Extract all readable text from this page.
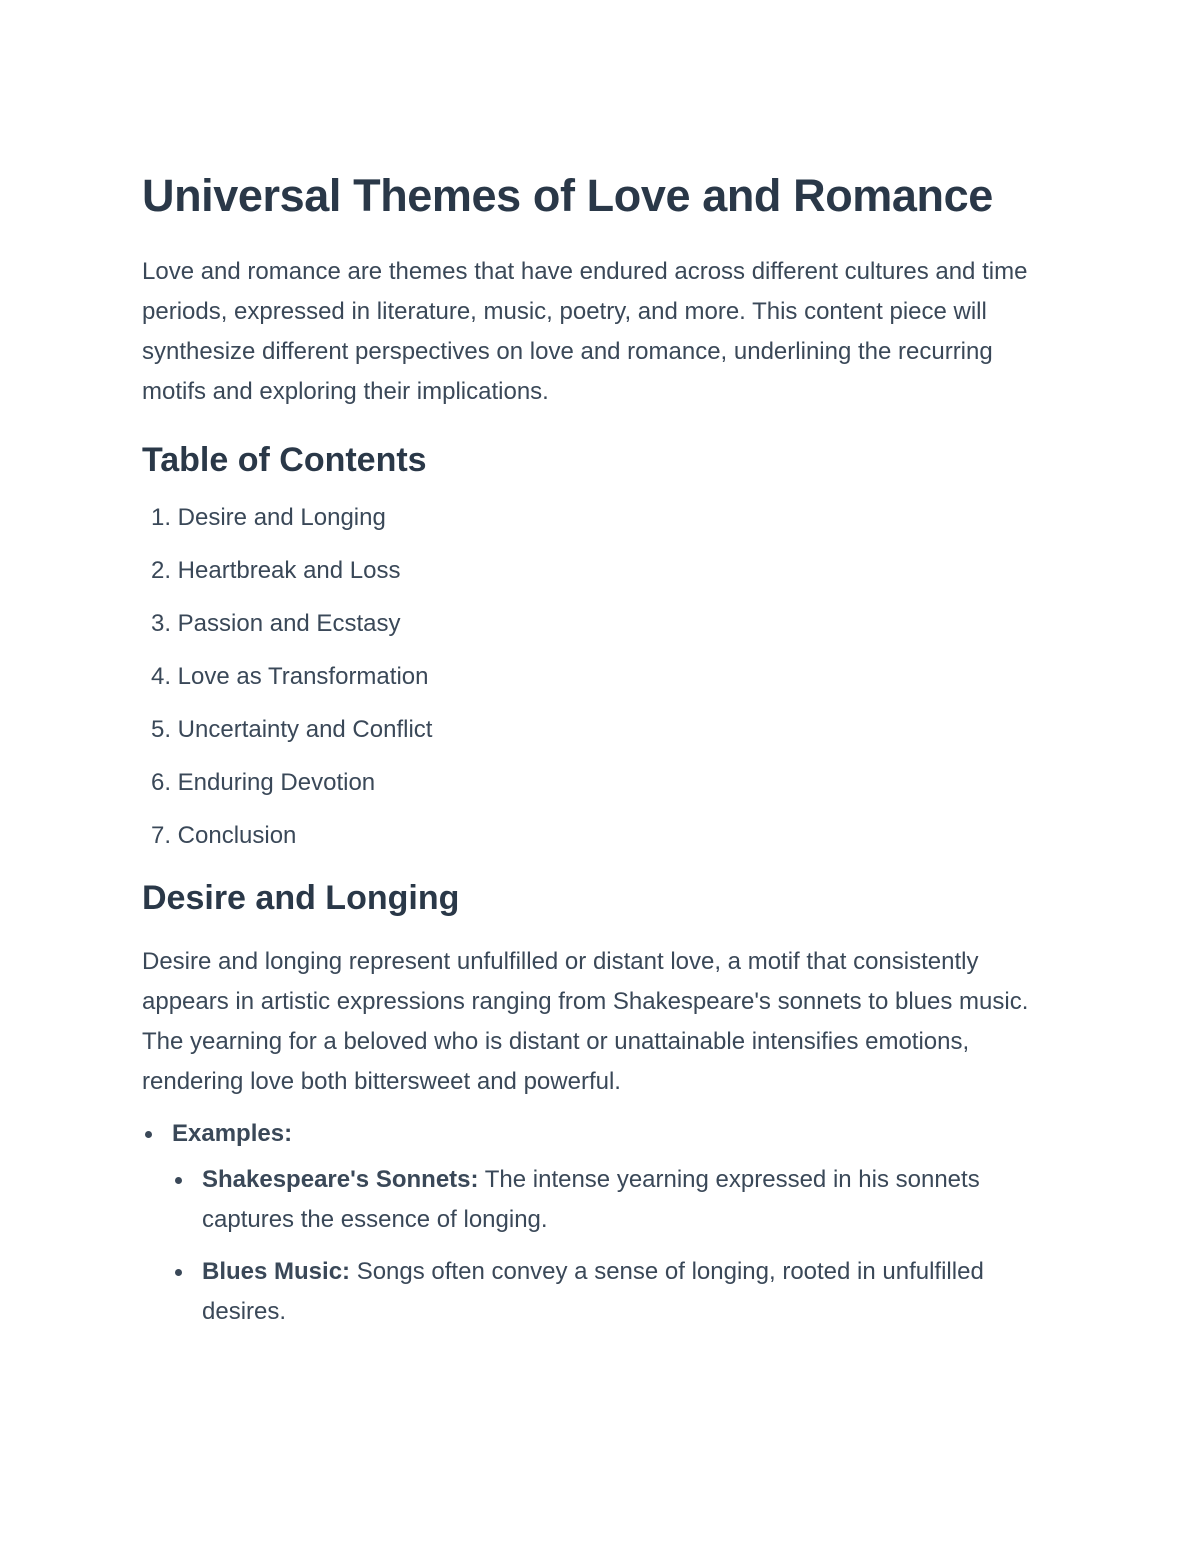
Universal Themes of Love and Romance

Love and romance are themes that have endured across different cultures and time periods, expressed in literature, music, poetry, and more. This content piece will synthesize different perspectives on love and romance, underlining the recurring motifs and exploring their implications.

Table of Contents
1.
Desire and Longing
2.
Heartbreak and Loss
3.
Passion and Ecstasy
4.
Love as Transformation
5.
Uncertainty and Conflict
6.
Enduring Devotion
7.
Conclusion
Desire and Longing

Desire and longing represent unfulfilled or distant love, a motif that consistently appears in artistic expressions ranging from Shakespeare's sonnets to blues music. The yearning for a beloved who is distant or unattainable intensifies emotions, rendering love both bittersweet and powerful.

Examples:
Shakespeare's Sonnets: The intense yearning expressed in his sonnets captures the essence of longing.
Blues Music: Songs often convey a sense of longing, rooted in unfulfilled desires.
